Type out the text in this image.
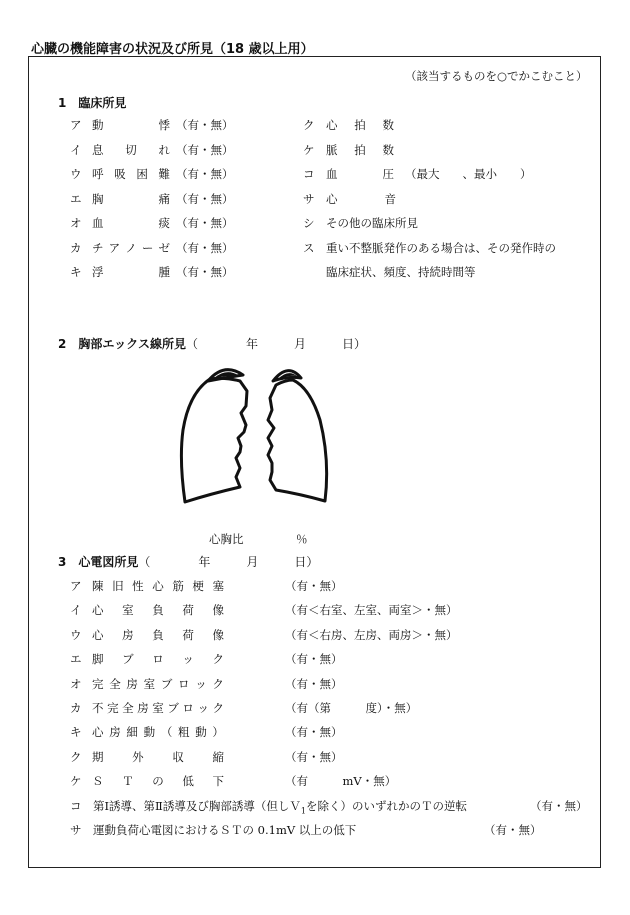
心臓の機能障害の状況及び所見（18 歳以上用）
（該当するものを○でかこむこと）
1　臨床所見
ア 動	悸 （有・無）
イ 息 切 れ （有・無）
ウ 呼 吸 困 難 （有・無）
エ 胸	痛 （有・無）
オ 血	痰 （有・無）
カ チ ア ノ ー ゼ （有・無）
キ 浮	腫 （有・無）
ク 心 拍 数
ケ 脈 拍 数
コ 血	圧 （最大　　、最小　　）
サ 心	音
シ その他の臨床所見
ス 重い不整脈発作のある場合は、その発作時の
臨床症状、頻度、持続時間等
2　胸部エックス線所見（　　　　年　　　月　　　日）
心胸比	％
3　心電図所見（　　　　年　　　月　　　日）
ア 陳 旧 性 心 筋 梗 塞	（有・無）
イ 心 室 負 荷 像	（有＜右室、左室、両室＞・無）
ウ 心 房 負 荷 像	（有＜右房、左房、両房＞・無）
エ 脚 ブ ロ ッ ク	（有・無）
オ 完 全 房 室 ブ ロ ッ ク	（有・無）
カ 不 完 全 房 室 ブ ロ ッ ク	（有（第　　　度）・無）
キ 心 房 細 動 （ 粗 動 ）	（有・無）
ク 期 外 収 縮	（有・無）
ケ Ｓ Ｔ の 低 下	（有　　　mV・無）
コ 第Ⅰ誘導、第Ⅱ誘導及び胸部誘導（但しＶ$_1$を除く）のいずれかのＴの逆転	（有・無）
サ 運動負荷心電図におけるＳＴの 0.1mV 以上の低下	（有・無）
